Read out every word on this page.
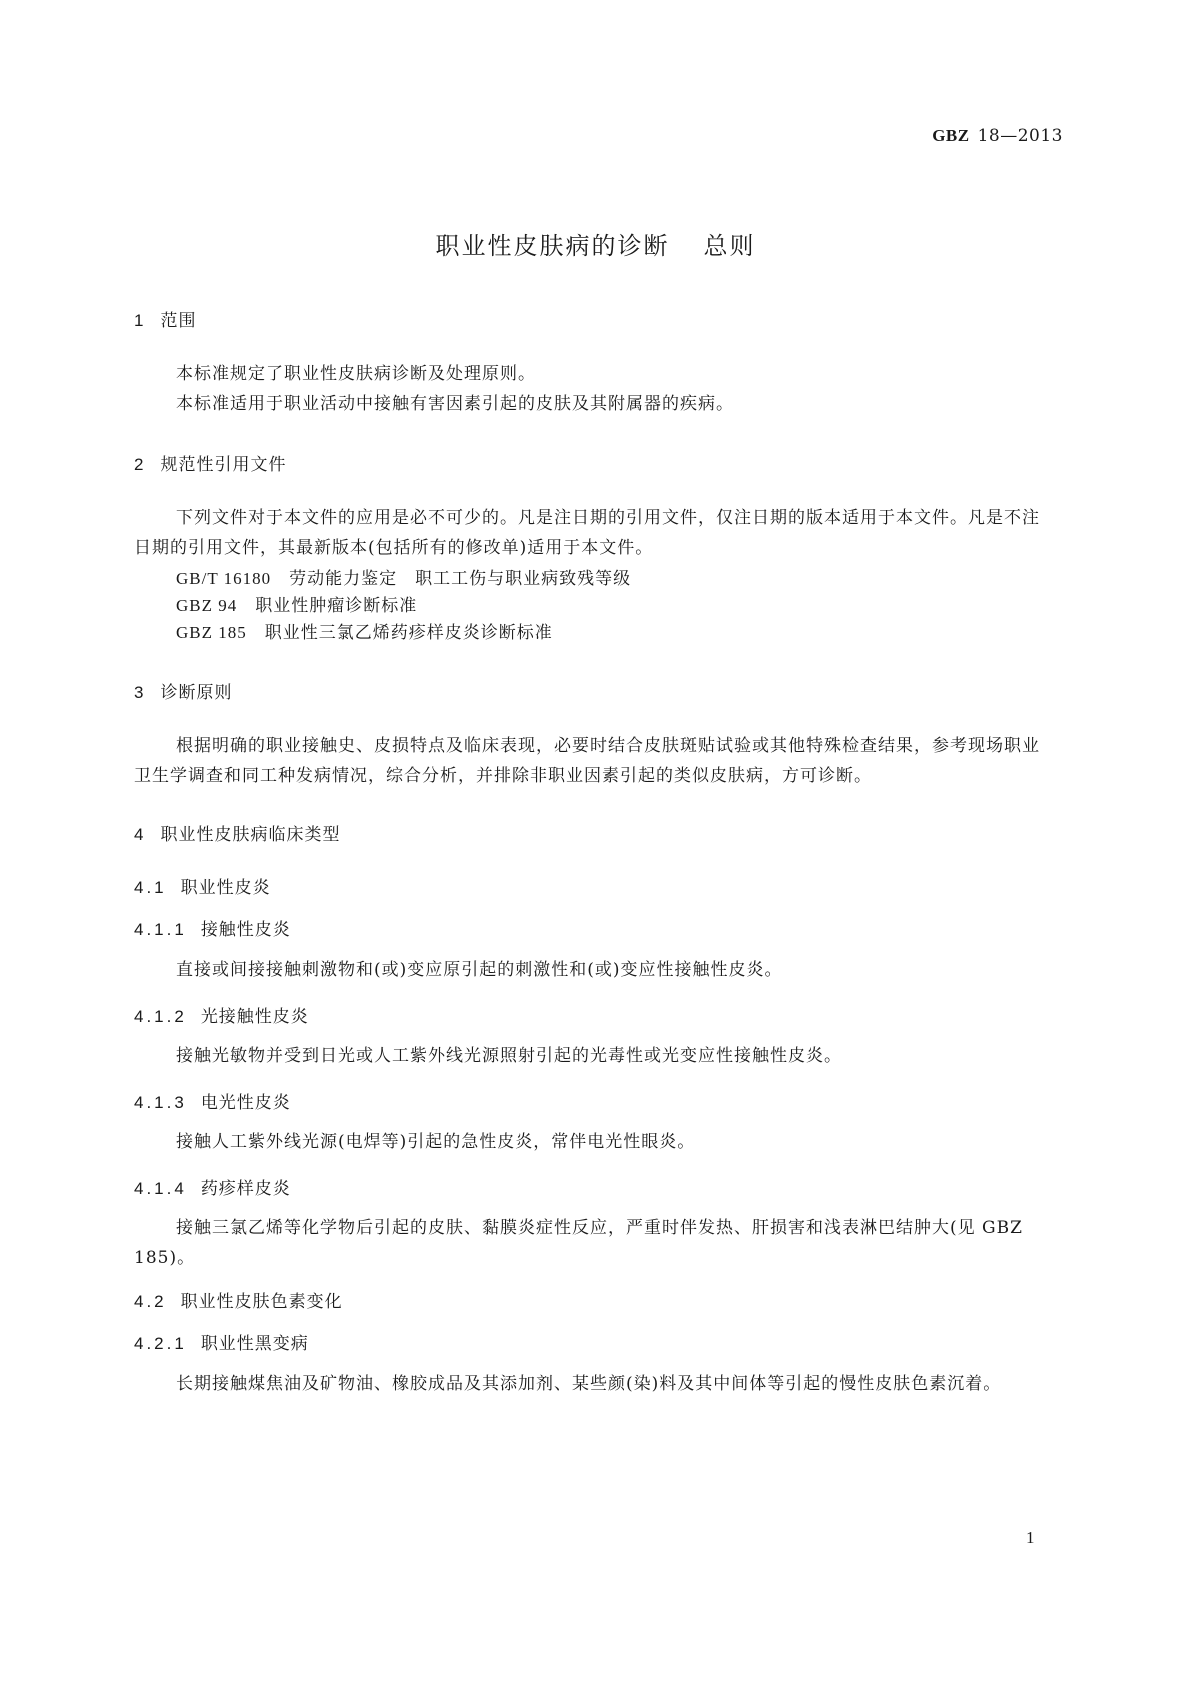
GBZ 18—2013
职业性皮肤病的诊断 总则
1 范围
本标准规定了职业性皮肤病诊断及处理原则。
本标准适用于职业活动中接触有害因素引起的皮肤及其附属器的疾病。
2 规范性引用文件
下列文件对于本文件的应用是必不可少的。凡是注日期的引用文件，仅注日期的版本适用于本文件。凡是不注日期的引用文件，其最新版本(包括所有的修改单)适用于本文件。
GB/T 16180 劳动能力鉴定　职工工伤与职业病致残等级
GBZ 94 职业性肿瘤诊断标准
GBZ 185 职业性三氯乙烯药疹样皮炎诊断标准
3 诊断原则
根据明确的职业接触史、皮损特点及临床表现，必要时结合皮肤斑贴试验或其他特殊检查结果，参考现场职业卫生学调查和同工种发病情况，综合分析，并排除非职业因素引起的类似皮肤病，方可诊断。
4 职业性皮肤病临床类型
4.1 职业性皮炎
4.1.1 接触性皮炎
直接或间接接触刺激物和(或)变应原引起的刺激性和(或)变应性接触性皮炎。
4.1.2 光接触性皮炎
接触光敏物并受到日光或人工紫外线光源照射引起的光毒性或光变应性接触性皮炎。
4.1.3 电光性皮炎
接触人工紫外线光源(电焊等)引起的急性皮炎，常伴电光性眼炎。
4.1.4 药疹样皮炎
接触三氯乙烯等化学物后引起的皮肤、黏膜炎症性反应，严重时伴发热、肝损害和浅表淋巴结肿大(见 GBZ 185)。
4.2 职业性皮肤色素变化
4.2.1 职业性黑变病
长期接触煤焦油及矿物油、橡胶成品及其添加剂、某些颜(染)料及其中间体等引起的慢性皮肤色素沉着。
1
